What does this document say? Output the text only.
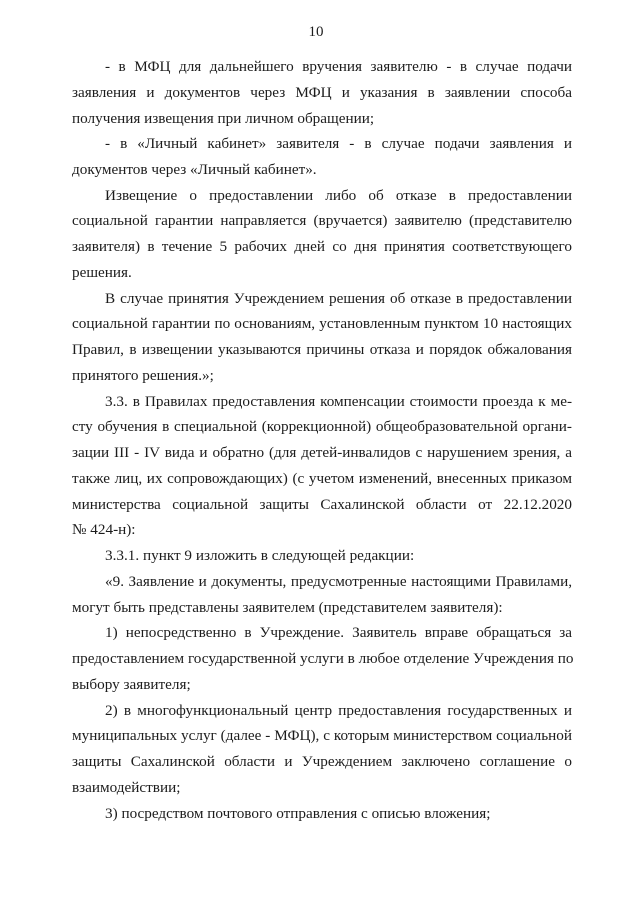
10

- в МФЦ для дальнейшего вручения заявителю - в случае подачи

заявления и документов через МФЦ и указания в заявлении способа

получения извещения при личном обращении;

- в «Личный кабинет» заявителя - в случае подачи заявления и

документов через «Личный кабинет».

Извещение о предоставлении либо об отказе в предоставлении

социальной гарантии направляется (вручается) заявителю (представителю

заявителя) в течение 5 рабочих дней со дня принятия соответствующего

решения.

В случае принятия Учреждением решения об отказе в предоставлении

социальной гарантии по основаниям, установленным пунктом 10 настоящих

Правил, в извещении указываются причины отказа и порядок обжалования

принятого решения.»;

3.3. в Правилах предоставления компенсации стоимости проезда к ме-

сту обучения в специальной (коррекционной) общеобразовательной органи-

зации III - IV вида и обратно (для детей-инвалидов с нарушением зрения, а

также лиц, их сопровождающих) (с учетом изменений, внесенных приказом

министерства социальной защиты Сахалинской области от 22.12.2020

№ 424-н):

3.3.1. пункт 9 изложить в следующей редакции:

«9. Заявление и документы, предусмотренные настоящими Правилами,

могут быть представлены заявителем (представителем заявителя):

1) непосредственно в Учреждение. Заявитель вправе обращаться за

предоставлением государственной услуги в любое отделение Учреждения по

выбору заявителя;

2) в многофункциональный центр предоставления государственных и

муниципальных услуг (далее - МФЦ), с которым министерством социальной

защиты Сахалинской области и Учреждением заключено соглашение о

взаимодействии;

3) посредством почтового отправления с описью вложения;
